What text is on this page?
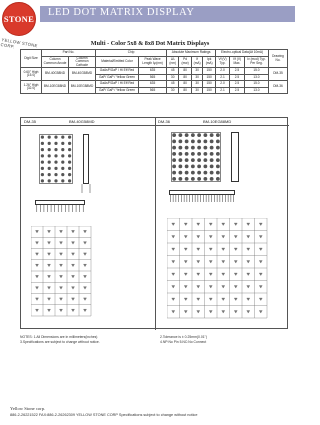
STONE
YELLOW STONE CORP.
LED DOT MATRIX DISPLAY
Multi - Color 5x8 & 8x8 Dot Matrix Displays
Digit Size	Part No.		Chip		Absolute Maximum Ratings				Electro-optical Data(At 10mA)			Drawing No.
	Column Common Anode	Column Common Cathode	Material/Emitted Color	Peak Wave Length λp(nm)	Δλ (nm)	Pd (mw)	If (mA)	Ipk (mA)	Vf (V) Typ.	Vf (V) Max.	Iv (mcd) Typ. Per Seg.	
0.60" High (15.0)	BM-40G58ND	BM-40G58MD	GaAsP/GaP / Hi Eff Red	635	45	80	30	150	2.0	2.5	15.0	DM-35
			GaP/ GaP / Yellow Green	565	30	80	30	150	2.1	2.5	13.0	
1.26" High (32.0)	BM-10EG88ND	BM-10EG88MD	GaAsP/GaP / Hi Eff Red	635	45	80	30	150	2.0	2.5	15.0	DM-36
			GaP/ GaP / Yellow Green	565	30	80	30	150	2.1	2.5	13.0	
DM-35	BM-40G58MD	DM-36	BM-10EG88MD
NOTES: 1.All Dimensions are in millimeters(inches)
3.Specifications are subject to change without notice.
2.Tolerance is ± 0.25mm(0.01")
4.NP:No Pin 5.NC:No Connect
Yellow Stone corp.
886-2-26221522 FAX:886-2-26262309 YELLOW STONE CORP Specifications subject to change without notice
